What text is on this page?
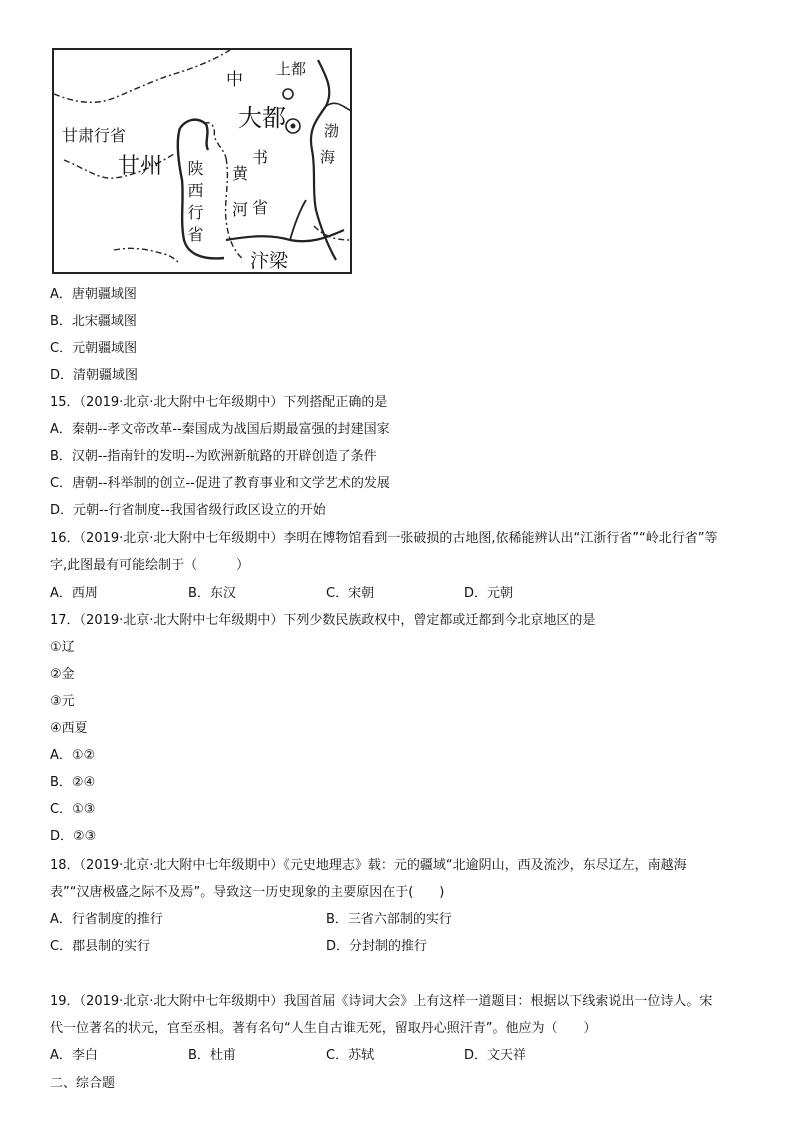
甘肃行省
甘州
中
上都
大都	渤
海
书
省
黄
河
陕西行省
汴梁
A．唐朝疆域图
B．北宋疆域图
C．元朝疆域图
D．清朝疆域图
15．（2019·北京·北大附中七年级期中）下列搭配正确的是
A．秦朝--孝文帝改革--秦国成为战国后期最富强的封建国家
B．汉朝--指南针的发明--为欧洲新航路的开辟创造了条件
C．唐朝--科举制的创立--促进了教育事业和文学艺术的发展
D．元朝--行省制度--我国省级行政区设立的开始
16．（2019·北京·北大附中七年级期中）李明在博物馆看到一张破损的古地图,依稀能辨认出“江浙行省”“岭北行省”等
字,此图最有可能绘制于（　　　）
A．西周	B．东汉	C．宋朝	D．元朝
17．（2019·北京·北大附中七年级期中）下列少数民族政权中，曾定都或迁都到今北京地区的是
①辽
②金
③元
④西夏
A．①②
B．②④
C．①③
D．②③
18．（2019·北京·北大附中七年级期中）《元史地理志》载：元的疆域“北逾阴山，西及流沙，东尽辽左，南越海
表”“汉唐极盛之际不及焉”。导致这一历史现象的主要原因在于(　　)
A．行省制度的推行	B．三省六部制的实行
C．郡县制的实行	D．分封制的推行
19．（2019·北京·北大附中七年级期中）我国首届《诗词大会》上有这样一道题目：根据以下线索说出一位诗人。宋
代一位著名的状元，官至丞相。著有名句“人生自古谁无死，留取丹心照汗青”。他应为（　　）
A．李白	B．杜甫	C．苏轼	D．文天祥
二、综合题
